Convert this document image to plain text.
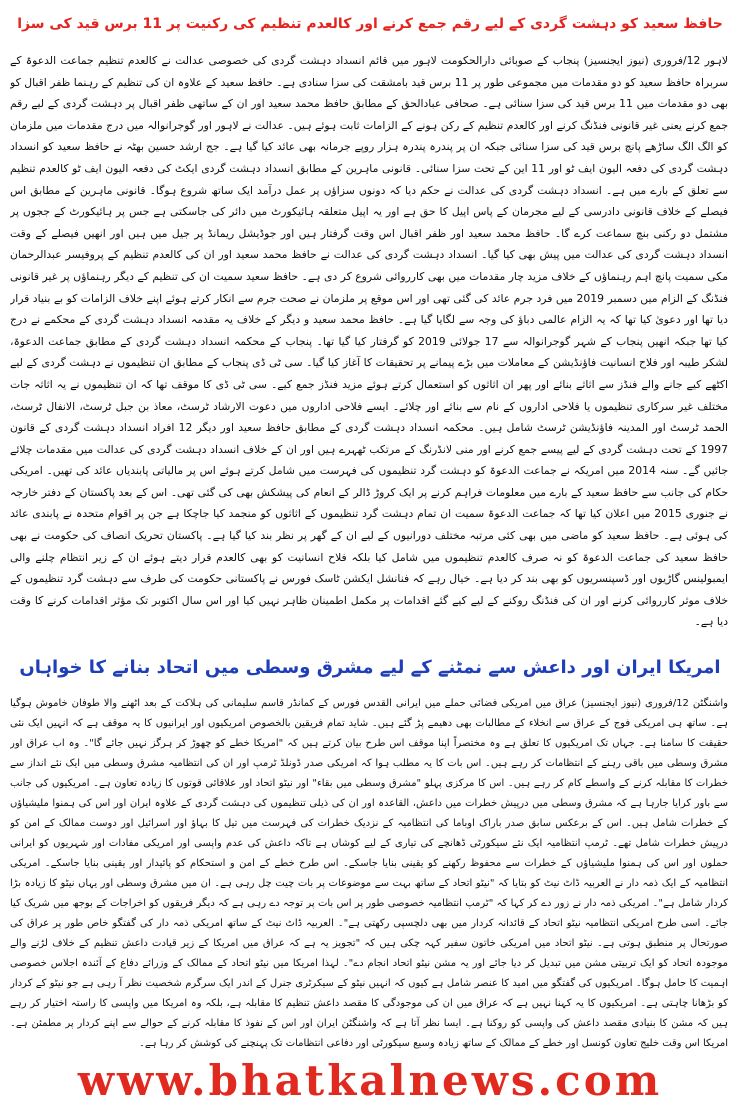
حافظ سعید کو دہشت گردی کے لیے رقم جمع کرنے اور کالعدم تنظیم کی رکنیت پر 11 برس قید کی سزا
لاہور 12/فروری (نیوز ایجنسیز) پنجاب کے صوبائی دارالحکومت لاہور میں قائم انسداد دہشت گردی کی خصوصی عدالت نے کالعدم تنظیم جماعت الدعوۃ کے سربراہ حافظ سعید کو دو مقدمات میں مجموعی طور پر 11 برس قید بامشقت کی سزا سنادی ہے۔ حافظ سعید کے علاوہ ان کی تنظیم کے رہنما ظفر اقبال کو بھی دو مقدمات میں 11 برس قید کی سزا سنائی ہے۔ صحافی عبادالحق کے مطابق حافظ محمد سعید اور ان کے ساتھی ظفر اقبال پر دہشت گردی کے لیے رقم جمع کرنے یعنی غیر قانونی فنڈنگ کرنے اور کالعدم تنظیم کے رکن ہونے کے الزامات ثابت ہوئے ہیں۔ عدالت نے لاہور اور گوجرانوالہ میں درج مقدمات میں ملزمان کو الگ الگ ساڑھے پانچ برس قید کی سزا سنائی جبکہ ان پر پندرہ پندرہ ہزار روپے جرمانہ بھی عائد کیا گیا ہے۔ جج ارشد حسین بھٹہ نے حافظ سعید کو انسداد دہشت گردی کی دفعہ الیون ایف ٹو اور 11 این کے تحت سزا سنائی۔ قانونی ماہرین کے مطابق انسداد دہشت گردی ایکٹ کی دفعہ الیون ایف ٹو کالعدم تنظیم سے تعلق کے بارے میں ہے۔ انسداد دہشت گردی کی عدالت نے حکم دیا کہ دونوں سزاؤں پر عمل درآمد ایک ساتھ شروع ہوگا۔ قانونی ماہرین کے مطابق اس فیصلے کے خلاف قانونی دادرسی کے لیے مجرمان کے پاس اپیل کا حق ہے اور یہ اپیل متعلقہ ہائیکورٹ میں دائر کی جاسکتی ہے جس پر ہائیکورٹ کے ججوں پر مشتمل دو رکنی بنچ سماعت کرے گا۔ حافظ محمد سعید اور ظفر اقبال اس وقت گرفتار ہیں اور جوڈیشل ریمانڈ پر جیل میں ہیں اور انھیں فیصلے کے وقت انسداد دہشت گردی کی عدالت میں پیش بھی کیا گیا۔ انسداد دہشت گردی کی عدالت نے حافظ محمد سعید اور ان کی کالعدم تنظیم کے پروفیسر عبدالرحمان مکی سمیت پانچ اہم رہنماؤں کے خلاف مزید چار مقدمات میں بھی کارروائی شروع کر دی ہے۔ حافظ سعید سمیت ان کی تنظیم کے دیگر رہنماؤں پر غیر قانونی فنڈنگ کے الزام میں دسمبر 2019 میں فرد جرم عائد کی گئی تھی اور اس موقع پر ملزمان نے صحت جرم سے انکار کرتے ہوئے اپنے خلاف الزامات کو بے بنیاد قرار دیا تھا اور دعویٰ کیا تھا کہ یہ الزام عالمی دباؤ کی وجہ سے لگایا گیا ہے۔ حافظ محمد سعید و دیگر کے خلاف یہ مقدمہ انسداد دہشت گردی کے محکمے نے درج کیا تھا جبکہ انھیں پنجاب کے شہر گوجرانوالہ سے 17 جولائی 2019 کو گرفتار کیا گیا تھا۔ پنجاب کے محکمہ انسداد دہشت گردی کے مطابق جماعت الدعوۃ، لشکر طیبہ اور فلاح انسانیت فاؤنڈیشن کے معاملات میں بڑے پیمانے پر تحقیقات کا آغاز کیا گیا۔ سی ٹی ڈی پنجاب کے مطابق ان تنظیموں نے دہشت گردی کے لیے اکٹھے کیے جانے والے فنڈز سے اثاثے بنائے اور پھر ان اثاثوں کو استعمال کرتے ہوئے مزید فنڈز جمع کیے۔ سی ٹی ڈی کا موقف تھا کہ ان تنظیموں نے یہ اثاثہ جات مختلف غیر سرکاری تنظیموں یا فلاحی اداروں کے نام سے بنائے اور چلائے۔ ایسے فلاحی اداروں میں دعوت الارشاد ٹرسٹ، معاذ بن جبل ٹرسٹ، الانفال ٹرسٹ، الحمد ٹرسٹ اور المدینہ فاؤنڈیشن ٹرسٹ شامل ہیں۔ محکمہ انسداد دہشت گردی کے مطابق حافظ سعید اور دیگر 12 افراد انسداد دہشت گردی کے قانون 1997 کے تحت دہشت گردی کے لیے پیسے جمع کرنے اور منی لانڈرنگ کے مرتکب ٹھہرے ہیں اور ان کے خلاف انسداد دہشت گردی کی عدالت میں مقدمات چلائے جائیں گے۔ سنہ 2014 میں امریکہ نے جماعت الدعوۃ کو دہشت گرد تنظیموں کی فہرست میں شامل کرتے ہوئے اس پر مالیاتی پابندیاں عائد کی تھیں۔ امریکی حکام کی جانب سے حافظ سعید کے بارے میں معلومات فراہم کرنے پر ایک کروڑ ڈالر کے انعام کی پیشکش بھی کی گئی تھی۔ اس کے بعد پاکستان کے دفتر خارجہ نے جنوری 2015 میں اعلان کیا تھا کہ جماعت الدعوۃ سمیت ان تمام دہشت گرد تنظیموں کے اثاثوں کو منجمد کیا جاچکا ہے جن پر اقوام متحدہ نے پابندی عائد کی ہوئی ہے۔ حافظ سعید کو ماضی میں بھی کئی مرتبہ مختلف دورانیوں کے لیے ان کے گھر پر نظر بند کیا گیا ہے۔ پاکستان تحریک انصاف کی حکومت نے بھی حافظ سعید کی جماعت الدعوۃ کو نہ صرف کالعدم تنظیموں میں شامل کیا بلکہ فلاح انسانیت کو بھی کالعدم قرار دیتے ہوئے ان کے زیر انتظام چلنے والی ایمبولینس گاڑیوں اور ڈسپنسریوں کو بھی بند کر دیا ہے۔ خیال رہے کہ فنانشل ایکشن ٹاسک فورس نے پاکستانی حکومت کی طرف سے دہشت گرد تنظیموں کے خلاف موثر کارروائی کرنے اور ان کی فنڈنگ روکنے کے لیے کیے گئے اقدامات پر مکمل اطمینان ظاہر نہیں کیا اور اس سال اکتوبر تک مؤثر اقدامات کرنے کا وقت دیا ہے۔
امریکا ایران اور داعش سے نمٹنے کے لیے مشرق وسطی میں اتحاد بنانے کا خواہاں
واشنگٹن 12/فروری (نیوز ایجنسیز) عراق میں امریکی فضائی حملے میں ایرانی القدس فورس کے کمانڈر قاسم سلیمانی کی ہلاکت کے بعد اٹھنے والا طوفان خاموش ہوگیا ہے۔ ساتھ ہی امریکی فوج کے عراق سے انخلاء کے مطالبات بھی دھیمے پڑ گئے ہیں۔ شاید تمام فریقین بالخصوص امریکیوں اور ایرانیوں کا یہ موقف ہے کہ انہیں ایک نئی حقیقت کا سامنا ہے۔ جہاں تک امریکیوں کا تعلق ہے وہ مختصراً اپنا موقف اس طرح بیان کرتے ہیں کہ "امریکا خطے کو چھوڑ کر ہرگز نہیں جائے گا"۔ وہ اب عراق اور مشرق وسطی میں باقی رہنے کے انتظامات کر رہے ہیں۔ اس بات کا یہ مطلب ہوا کہ امریکی صدر ڈونلڈ ٹرمپ اور ان کی انتظامیہ مشرق وسطی میں ایک نئے انداز سے خطرات کا مقابلہ کرنے کے واسطے کام کر رہے ہیں۔ اس کا مرکزی پہلو "مشرق وسطی میں بقاء" اور نیٹو اتحاد اور علاقائی قوتوں کا زیادہ تعاون ہے۔ امریکیوں کی جانب سے باور کرایا جارہا ہے کہ مشرق وسطی میں درپیش خطرات میں داعش، القاعدہ اور ان کی ذیلی تنظیموں کی دہشت گردی کے علاوہ ایران اور اس کی ہمنوا ملیشیاؤں کے خطرات شامل ہیں۔ اس کے برعکس سابق صدر باراک اوباما کی انتظامیہ کے نزدیک خطرات کی فہرست میں تیل کا بہاؤ اور اسرائیل اور دوست ممالک کے امن کو درپیش خطرات شامل تھے۔ ٹرمپ انتظامیہ ایک نئے سیکورٹی ڈھانچے کی تیاری کے لیے کوشاں ہے تاکہ داعش کی عدم واپسی اور امریکی مفادات اور شہریوں کو ایرانی حملوں اور اس کی ہمنوا ملیشیاؤں کے خطرات سے محفوظ رکھنے کو یقینی بنایا جاسکے۔ اس طرح خطے کے امن و استحکام کو پائیدار اور یقینی بنایا جاسکے۔ امریکی انتظامیہ کے ایک ذمہ دار نے العربیہ ڈاٹ نیٹ کو بتایا کہ "نیٹو اتحاد کے ساتھ بہت سے موضوعات پر بات چیت چل رہی ہے۔ ان میں مشرق وسطی اور یہاں نیٹو کا زیادہ بڑا کردار شامل ہے"۔ امریکی ذمہ دار نے زور دے کر کہا کہ "ٹرمپ انتظامیہ خصوصی طور پر اس بات پر توجہ دے رہی ہے کہ دیگر فریقوں کو اخراجات کے بوجھ میں شریک کیا جائے۔ اسی طرح امریکی انتظامیہ نیٹو اتحاد کے قائدانہ کردار میں بھی دلچسپی رکھتی ہے"۔ العربیہ ڈاٹ نیٹ کے ساتھ امریکی ذمہ دار کی گفتگو خاص طور پر عراق کی صورتحال پر منطبق ہوتی ہے۔ نیٹو اتحاد میں امریکی خاتون سفیر کہہ چکی ہیں کہ "تجویز یہ ہے کہ عراق میں امریکا کے زیر قیادت داعش تنظیم کے خلاف لڑنے والے موجودہ اتحاد کو ایک تربیتی مشن میں تبدیل کر دیا جائے اور یہ مشن نیٹو اتحاد انجام دے"۔ لہذا امریکا میں نیٹو اتحاد کے ممالک کے وزرائے دفاع کے آئندہ اجلاس خصوصی اہمیت کا حامل ہوگا۔ امریکیوں کی گفتگو میں امید کا عنصر شامل ہے کیوں کہ انہیں نیٹو کے سیکرٹری جنرل کے اندر ایک سرگرم شخصیت نظر آ رہی ہے جو نیٹو کے کردار کو بڑھانا چاہتی ہے۔ امریکیوں کا یہ کہنا نہیں ہے کہ عراق میں ان کی موجودگی کا مقصد داعش تنظیم کا مقابلہ ہے، بلکہ وہ امریکا میں واپسی کا راستہ اختیار کر رہے ہیں کہ مشن کا بنیادی مقصد داعش کی واپسی کو روکنا ہے۔ ایسا نظر آتا ہے کہ واشنگٹن ایران اور اس کے نفوذ کا مقابلہ کرنے کے حوالے سے اپنے کردار پر مطمئن ہے۔ امریکا اس وقت خلیج تعاون کونسل اور خطے کے ممالک کے ساتھ زیادہ وسیع سیکورٹی اور دفاعی انتظامات تک پہنچنے کی کوشش کر رہا ہے۔
www.bhatkalnews.com
